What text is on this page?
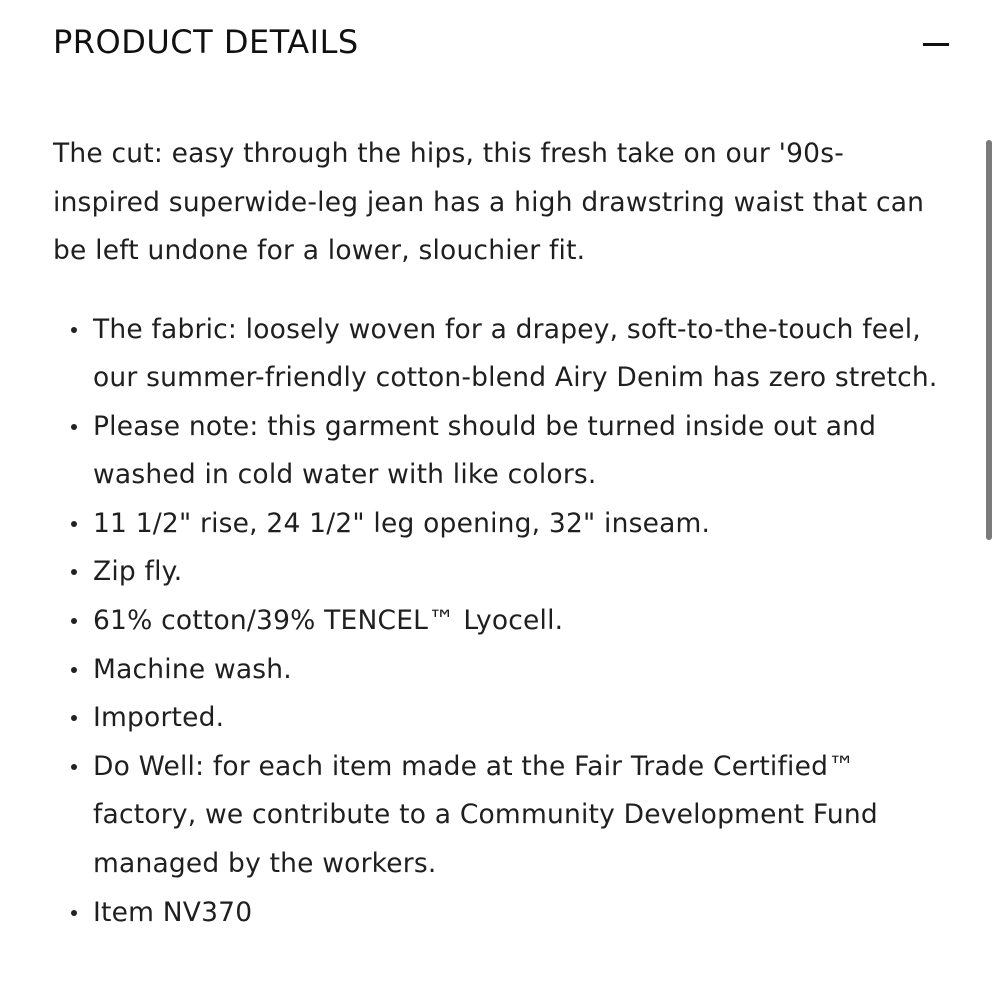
PRODUCT DETAILS

The cut: easy through the hips, this fresh take on our '90s-inspired superwide-leg jean has a high drawstring waist that can be left undone for a lower, slouchier fit.

The fabric: loosely woven for a drapey, soft-to-the-touch feel, our summer-friendly cotton-blend Airy Denim has zero stretch.
Please note: this garment should be turned inside out and washed in cold water with like colors.
11 1/2" rise, 24 1/2" leg opening, 32" inseam.
Zip fly.
61% cotton/39% TENCEL™ Lyocell.
Machine wash.
Imported.
Do Well: for each item made at the Fair Trade Certified™ factory, we contribute to a Community Development Fund managed by the workers.
Item NV370
